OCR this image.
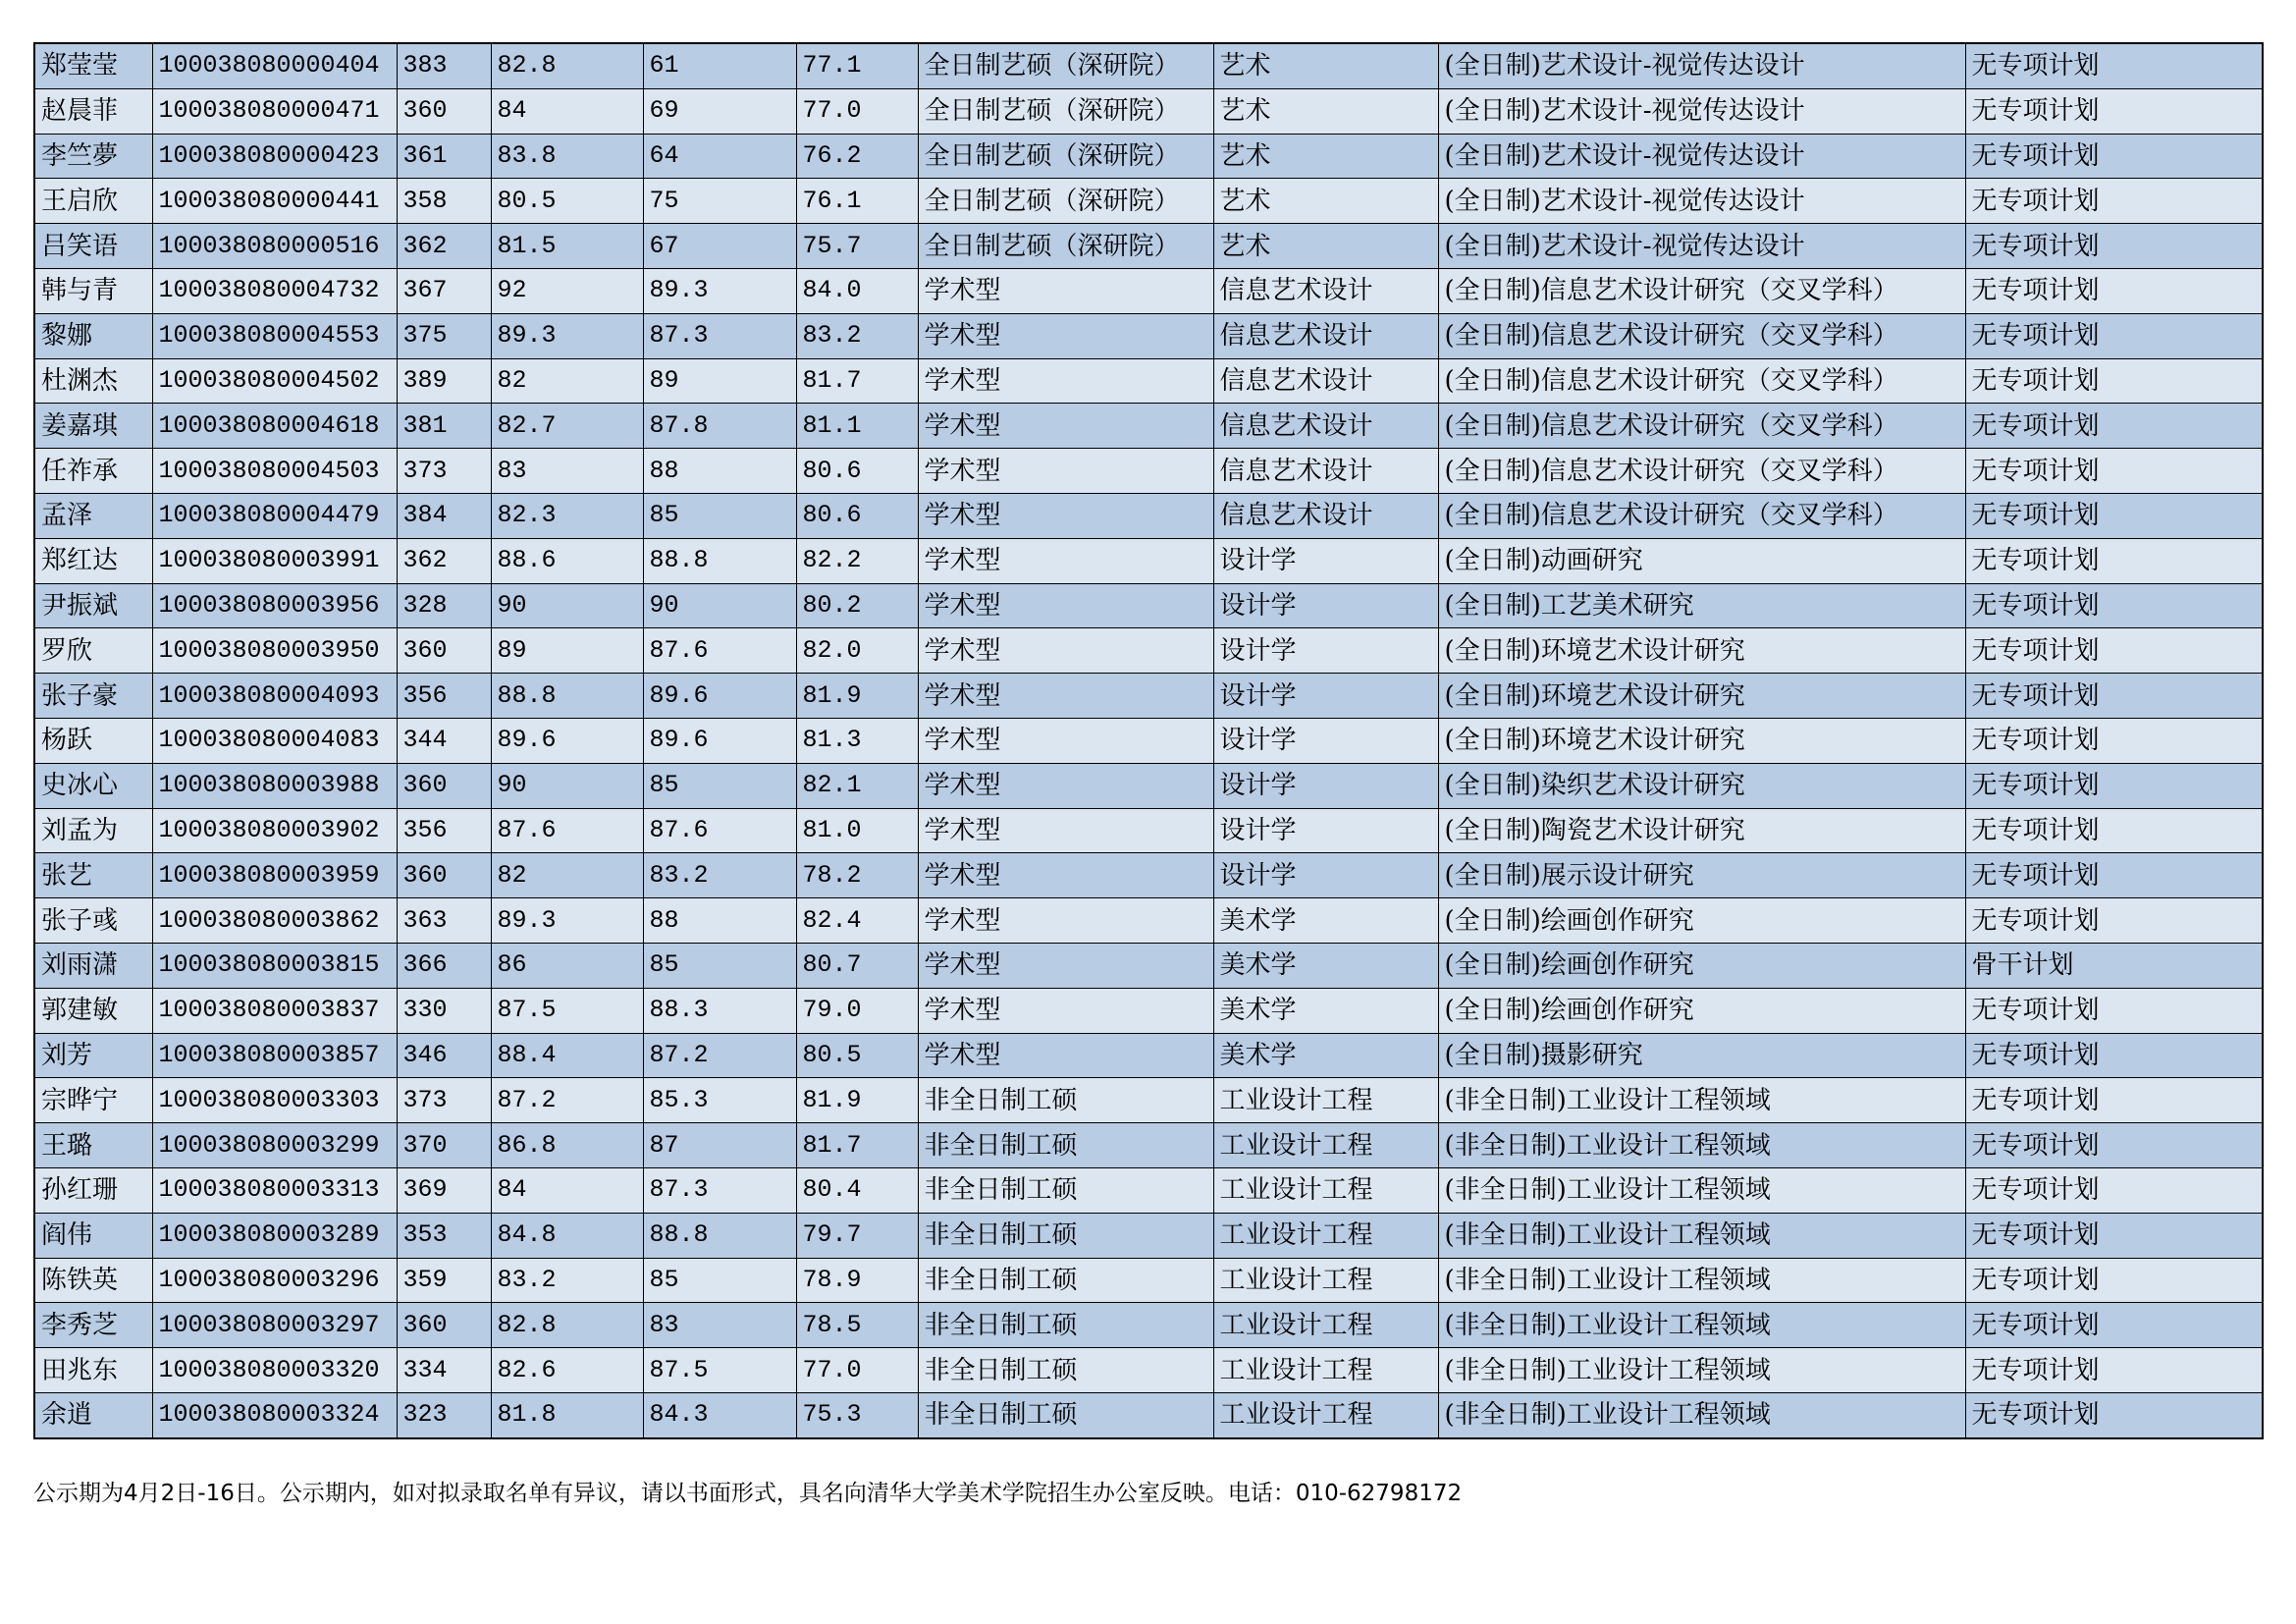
郑莹莹	100038080000404	383	82.8	61	77.1	全日制艺硕（深研院）	艺术	(全日制)艺术设计-视觉传达设计	无专项计划
赵晨菲	100038080000471	360	84	69	77.0	全日制艺硕（深研院）	艺术	(全日制)艺术设计-视觉传达设计	无专项计划
李竺夢	100038080000423	361	83.8	64	76.2	全日制艺硕（深研院）	艺术	(全日制)艺术设计-视觉传达设计	无专项计划
王启欣	100038080000441	358	80.5	75	76.1	全日制艺硕（深研院）	艺术	(全日制)艺术设计-视觉传达设计	无专项计划
吕笑语	100038080000516	362	81.5	67	75.7	全日制艺硕（深研院）	艺术	(全日制)艺术设计-视觉传达设计	无专项计划
韩与青	100038080004732	367	92	89.3	84.0	学术型	信息艺术设计	(全日制)信息艺术设计研究（交叉学科）	无专项计划
黎娜	100038080004553	375	89.3	87.3	83.2	学术型	信息艺术设计	(全日制)信息艺术设计研究（交叉学科）	无专项计划
杜渊杰	100038080004502	389	82	89	81.7	学术型	信息艺术设计	(全日制)信息艺术设计研究（交叉学科）	无专项计划
姜嘉琪	100038080004618	381	82.7	87.8	81.1	学术型	信息艺术设计	(全日制)信息艺术设计研究（交叉学科）	无专项计划
任祚承	100038080004503	373	83	88	80.6	学术型	信息艺术设计	(全日制)信息艺术设计研究（交叉学科）	无专项计划
孟泽	100038080004479	384	82.3	85	80.6	学术型	信息艺术设计	(全日制)信息艺术设计研究（交叉学科）	无专项计划
郑红达	100038080003991	362	88.6	88.8	82.2	学术型	设计学	(全日制)动画研究	无专项计划
尹振斌	100038080003956	328	90	90	80.2	学术型	设计学	(全日制)工艺美术研究	无专项计划
罗欣	100038080003950	360	89	87.6	82.0	学术型	设计学	(全日制)环境艺术设计研究	无专项计划
张子豪	100038080004093	356	88.8	89.6	81.9	学术型	设计学	(全日制)环境艺术设计研究	无专项计划
杨跃	100038080004083	344	89.6	89.6	81.3	学术型	设计学	(全日制)环境艺术设计研究	无专项计划
史冰心	100038080003988	360	90	85	82.1	学术型	设计学	(全日制)染织艺术设计研究	无专项计划
刘孟为	100038080003902	356	87.6	87.6	81.0	学术型	设计学	(全日制)陶瓷艺术设计研究	无专项计划
张艺	100038080003959	360	82	83.2	78.2	学术型	设计学	(全日制)展示设计研究	无专项计划
张子彧	100038080003862	363	89.3	88	82.4	学术型	美术学	(全日制)绘画创作研究	无专项计划
刘雨潇	100038080003815	366	86	85	80.7	学术型	美术学	(全日制)绘画创作研究	骨干计划
郭建敏	100038080003837	330	87.5	88.3	79.0	学术型	美术学	(全日制)绘画创作研究	无专项计划
刘芳	100038080003857	346	88.4	87.2	80.5	学术型	美术学	(全日制)摄影研究	无专项计划
宗晔宁	100038080003303	373	87.2	85.3	81.9	非全日制工硕	工业设计工程	(非全日制)工业设计工程领域	无专项计划
王璐	100038080003299	370	86.8	87	81.7	非全日制工硕	工业设计工程	(非全日制)工业设计工程领域	无专项计划
孙红珊	100038080003313	369	84	87.3	80.4	非全日制工硕	工业设计工程	(非全日制)工业设计工程领域	无专项计划
阎伟	100038080003289	353	84.8	88.8	79.7	非全日制工硕	工业设计工程	(非全日制)工业设计工程领域	无专项计划
陈铁英	100038080003296	359	83.2	85	78.9	非全日制工硕	工业设计工程	(非全日制)工业设计工程领域	无专项计划
李秀芝	100038080003297	360	82.8	83	78.5	非全日制工硕	工业设计工程	(非全日制)工业设计工程领域	无专项计划
田兆东	100038080003320	334	82.6	87.5	77.0	非全日制工硕	工业设计工程	(非全日制)工业设计工程领域	无专项计划
余逍	100038080003324	323	81.8	84.3	75.3	非全日制工硕	工业设计工程	(非全日制)工业设计工程领域	无专项计划
公示期为4月2日-16日。公示期内，如对拟录取名单有异议，请以书面形式，具名向清华大学美术学院招生办公室反映。电话：010-62798172
